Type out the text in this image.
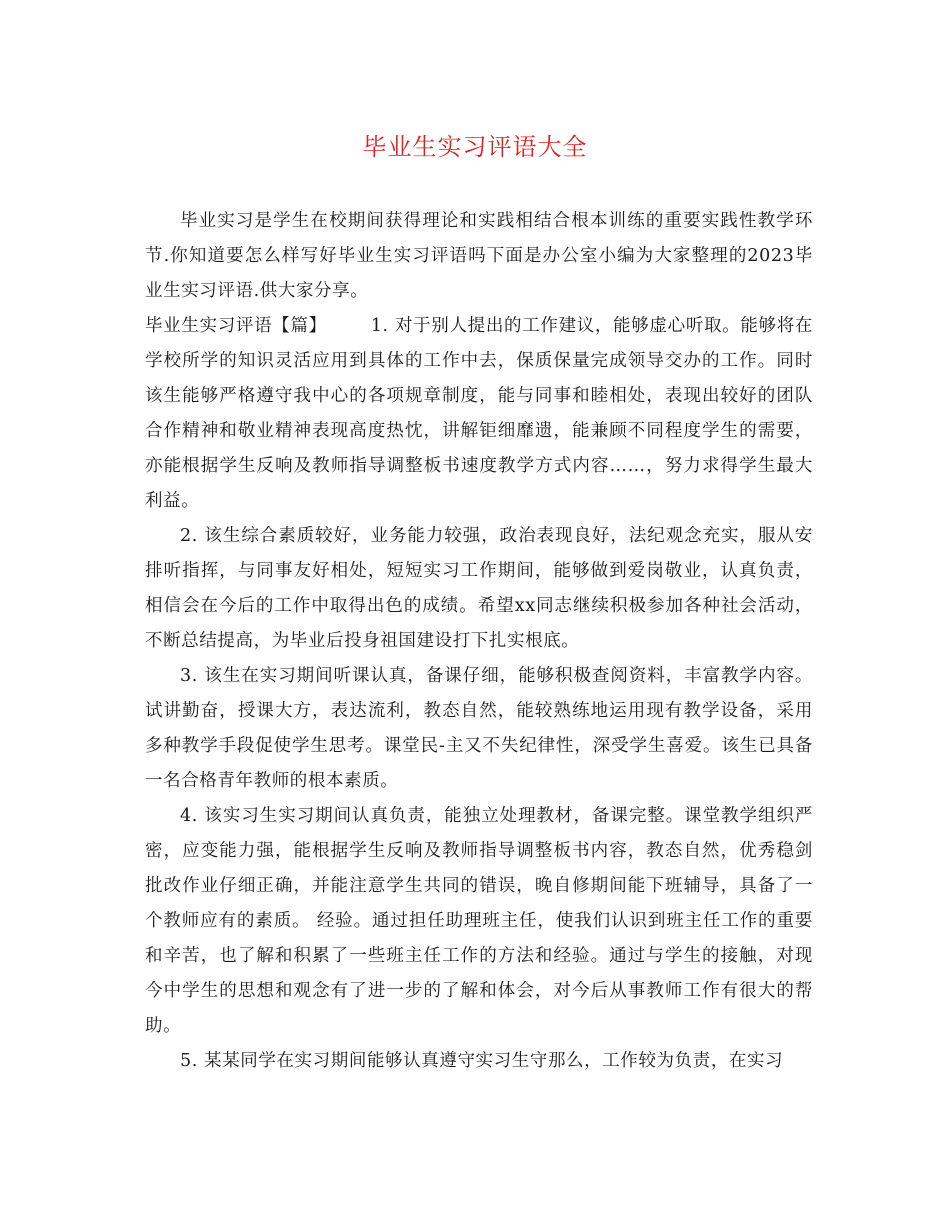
毕业生实习评语大全

毕业实习是学生在校期间获得理论和实践相结合根本训练的重要实践性教学环节.你知道要怎么样写好毕业生实习评语吗下面是办公室小编为大家整理的2023毕业生实习评语.供大家分享。

毕业生实习评语【篇】	1. 对于别人提出的工作建议，能够虚心听取。能够将在学校所学的知识灵活应用到具体的工作中去，保质保量完成领导交办的工作。同时该生能够严格遵守我中心的各项规章制度，能与同事和睦相处，表现出较好的团队合作精神和敬业精神表现高度热忱，讲解钜细靡遗，能兼顾不同程度学生的需要，亦能根据学生反响及教师指导调整板书速度教学方式内容……，努力求得学生最大利益。

2. 该生综合素质较好，业务能力较强，政治表现良好，法纪观念充实，服从安排听指挥，与同事友好相处，短短实习工作期间，能够做到爱岗敬业，认真负责，相信会在今后的工作中取得出色的成绩。希望xx同志继续积极参加各种社会活动，不断总结提高，为毕业后投身祖国建设打下扎实根底。

3. 该生在实习期间听课认真，备课仔细，能够积极查阅资料，丰富教学内容。试讲勤奋，授课大方，表达流利，教态自然，能较熟练地运用现有教学设备，采用多种教学手段促使学生思考。课堂民-主又不失纪律性，深受学生喜爱。该生已具备一名合格青年教师的根本素质。

4. 该实习生实习期间认真负责，能独立处理教材，备课完整。课堂教学组织严密，应变能力强，能根据学生反响及教师指导调整板书内容，教态自然，优秀稳剑批改作业仔细正确，并能注意学生共同的错误，晚自修期间能下班辅导，具备了一个教师应有的素质。 经验。通过担任助理班主任，使我们认识到班主任工作的重要和辛苦，也了解和积累了一些班主任工作的方法和经验。通过与学生的接触，对现今中学生的思想和观念有了进一步的了解和体会，对今后从事教师工作有很大的帮助。

5. 某某同学在实习期间能够认真遵守实习生守那么，工作较为负责，在实习
